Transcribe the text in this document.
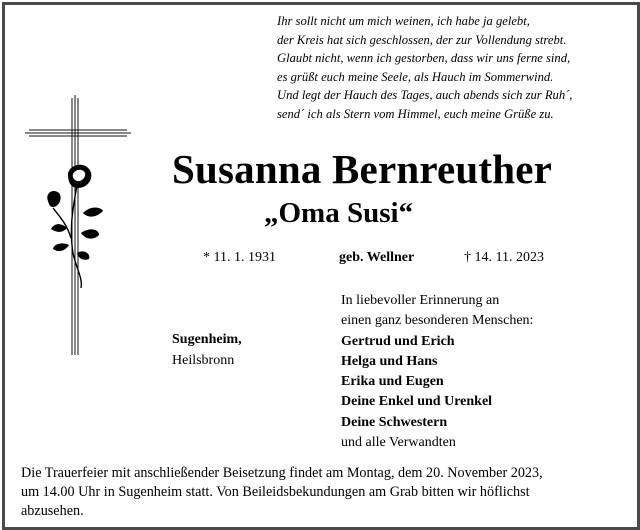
Ihr sollt nicht um mich weinen, ich habe ja gelebt,
der Kreis hat sich geschlossen, der zur Vollendung strebt.
Glaubt nicht, wenn ich gestorben, dass wir uns ferne sind,
es grüßt euch meine Seele, als Hauch im Sommerwind.
Und legt der Hauch des Tages, auch abends sich zur Ruh´,
send´ ich als Stern vom Himmel, euch meine Grüße zu.
Susanna Bernreuther
„Oma Susi“
* 11. 1. 1931	geb. Wellner	† 14. 11. 2023
Sugenheim,
Heilsbronn
In liebevoller Erinnerung an
einen ganz besonderen Menschen:
Gertrud und Erich
Helga und Hans
Erika und Eugen
Deine Enkel und Urenkel
Deine Schwestern
und alle Verwandten
Die Trauerfeier mit anschließender Beisetzung findet am Montag, dem 20. November 2023,
um 14.00 Uhr in Sugenheim statt. Von Beileidsbekundungen am Grab bitten wir höflichst
abzusehen.
